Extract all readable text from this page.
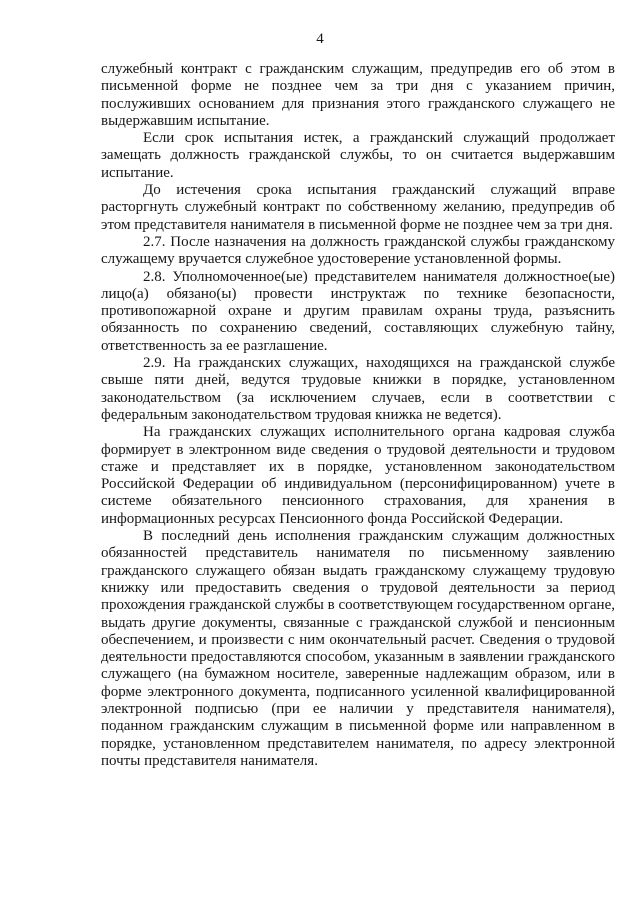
4

служебный контракт с гражданским служащим, предупредив его об этом в письменной форме не позднее чем за три дня с указанием причин, послуживших основанием для признания этого гражданского служащего не выдержавшим испытание.

Если срок испытания истек, а гражданский служащий продолжает замещать должность гражданской службы, то он считается выдержавшим испытание.

До истечения срока испытания гражданский служащий вправе расторгнуть служебный контракт по собственному желанию, предупредив об этом представителя нанимателя в письменной форме не позднее чем за три дня.

2.7. После назначения на должность гражданской службы гражданскому служащему вручается служебное удостоверение установленной формы.

2.8. Уполномоченное(ые) представителем нанимателя должностное(ые) лицо(а) обязано(ы) провести инструктаж по технике безопасности, противопожарной охране и другим правилам охраны труда, разъяснить обязанность по сохранению сведений, составляющих служебную тайну, ответственность за ее разглашение.

2.9. На гражданских служащих, находящихся на гражданской службе свыше пяти дней, ведутся трудовые книжки в порядке, установленном законодательством (за исключением случаев, если в соответствии с федеральным законодательством трудовая книжка не ведется).

На гражданских служащих исполнительного органа кадровая служба формирует в электронном виде сведения о трудовой деятельности и трудовом стаже и представляет их в порядке, установленном законодательством Российской Федерации об индивидуальном (персонифицированном) учете в системе обязательного пенсионного страхования, для хранения в информационных ресурсах Пенсионного фонда Российской Федерации.

В последний день исполнения гражданским служащим должностных обязанностей представитель нанимателя по письменному заявлению гражданского служащего обязан выдать гражданскому служащему трудовую книжку или предоставить сведения о трудовой деятельности за период прохождения гражданской службы в соответствующем государственном органе, выдать другие документы, связанные с гражданской службой и пенсионным обеспечением, и произвести с ним окончательный расчет. Сведения о трудовой деятельности предоставляются способом, указанным в заявлении гражданского служащего (на бумажном носителе, заверенные надлежащим образом, или в форме электронного документа, подписанного усиленной квалифицированной электронной подписью (при ее наличии у представителя нанимателя), поданном гражданским служащим в письменной форме или направленном в порядке, установленном представителем нанимателя, по адресу электронной почты представителя нанимателя.
